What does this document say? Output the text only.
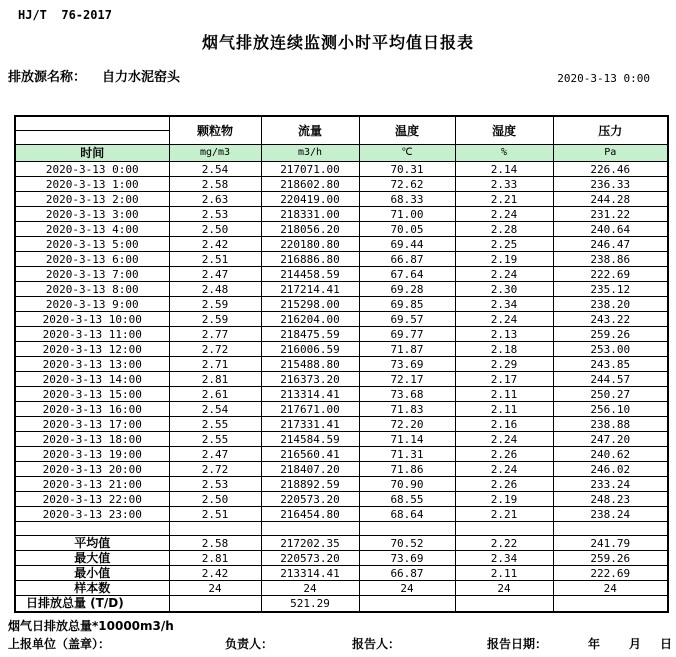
HJ/T  76-2017
烟气排放连续监测小时平均值日报表
排放源名称： 自力水泥窑头	2020-3-13 0:00
	颗粒物	流量	温度	湿度	压力
时间	mg/m3	m3/h	℃	%	Pa
2020-3-13 0:00	2.54	217071.00	70.31	2.14	226.46
2020-3-13 1:00	2.58	218602.80	72.62	2.33	236.33
2020-3-13 2:00	2.63	220419.00	68.33	2.21	244.28
2020-3-13 3:00	2.53	218331.00	71.00	2.24	231.22
2020-3-13 4:00	2.50	218056.20	70.05	2.28	240.64
2020-3-13 5:00	2.42	220180.80	69.44	2.25	246.47
2020-3-13 6:00	2.51	216886.80	66.87	2.19	238.86
2020-3-13 7:00	2.47	214458.59	67.64	2.24	222.69
2020-3-13 8:00	2.48	217214.41	69.28	2.30	235.12
2020-3-13 9:00	2.59	215298.00	69.85	2.34	238.20
2020-3-13 10:00	2.59	216204.00	69.57	2.24	243.22
2020-3-13 11:00	2.77	218475.59	69.77	2.13	259.26
2020-3-13 12:00	2.72	216006.59	71.87	2.18	253.00
2020-3-13 13:00	2.71	215488.80	73.69	2.29	243.85
2020-3-13 14:00	2.81	216373.20	72.17	2.17	244.57
2020-3-13 15:00	2.61	213314.41	73.68	2.11	250.27
2020-3-13 16:00	2.54	217671.00	71.83	2.11	256.10
2020-3-13 17:00	2.55	217331.41	72.20	2.16	238.88
2020-3-13 18:00	2.55	214584.59	71.14	2.24	247.20
2020-3-13 19:00	2.47	216560.41	71.31	2.26	240.62
2020-3-13 20:00	2.72	218407.20	71.86	2.24	246.02
2020-3-13 21:00	2.53	218892.59	70.90	2.26	233.24
2020-3-13 22:00	2.50	220573.20	68.55	2.19	248.23
2020-3-13 23:00	2.51	216454.80	68.64	2.21	238.24

平均值	2.58	217202.35	70.52	2.22	241.79
最大值	2.81	220573.20	73.69	2.34	259.26
最小值	2.42	213314.41	66.87	2.11	222.69
样本数	24	24	24	24	24
日排放总量 (T/D)		521.29			
烟气日排放总量*10000m3/h
上报单位（盖章）：	负责人：	报告人：	报告日期：	年 月 日
